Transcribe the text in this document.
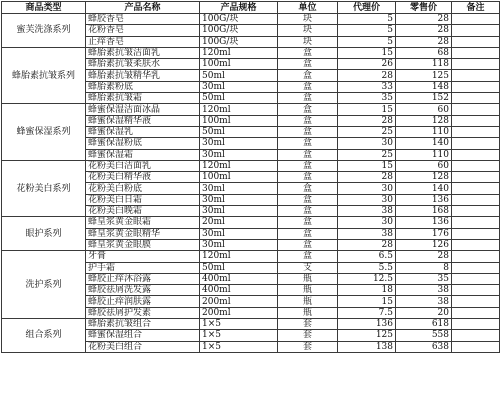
商品类型	产品名称	产品规格	单位	代理价	零售价	备注
蜜芙洗涤系列	蜂胶香皂	100G/块	块	5	28	
	花粉香皂	100G/块	块	5	28	
	止痒香皂	100G/块	块	5	28	
蜂胎素抗皱系列	蜂胎素抗皱洁面乳	120ml	盒	15	68	
	蜂胎素抗皱柔肤水	100ml	盒	26	118	
	蜂胎素抗皱精华乳	50ml	盒	28	125	
	蜂胎素粉底	30ml	盒	33	148	
	蜂胎素抗皱霜	50ml	盒	35	152	
蜂蜜保湿系列	蜂蜜保湿洁面冰晶	120ml	盒	15	60	
	蜂蜜保湿精华液	100ml	盒	28	128	
	蜂蜜保湿乳	50ml	盒	25	110	
	蜂蜜保湿粉底	30ml	盒	30	140	
	蜂蜜保湿霜	30ml	盒	25	110	
花粉美白系列	花粉美白洁面乳	120ml	盒	15	60	
	花粉美白精华液	100ml	盒	28	128	
	花粉美白粉底	30ml	盒	30	140	
	花粉美白日霜	30ml	盒	30	136	
	花粉美白晚霜	30ml	盒	38	168	
眼护系列	蜂皇浆黄金眼霜	20ml	盒	30	136	
	蜂皇浆黄金眼精华	30ml	盒	38	176	
	蜂皇浆黄金眼膜	30ml	盒	28	126	
洗护系列	牙膏	120ml	盒	6.5	28	
	护手霜	50ml	支	5.5	8	
	蜂胶止痒沐浴露	400ml	瓶	12.5	35	
	蜂胶祛屑洗发露	400ml	瓶	18	38	
	蜂胶止痒润肤露	200ml	瓶	15	38	
	蜂胶祛屑护发素	200ml	瓶	7.5	20	
组合系列	蜂胎素抗皱组合	1×5	套	136	618	
	蜂蜜保湿组合	1×5	套	125	558	
	花粉美白组合	1×5	套	138	638	
